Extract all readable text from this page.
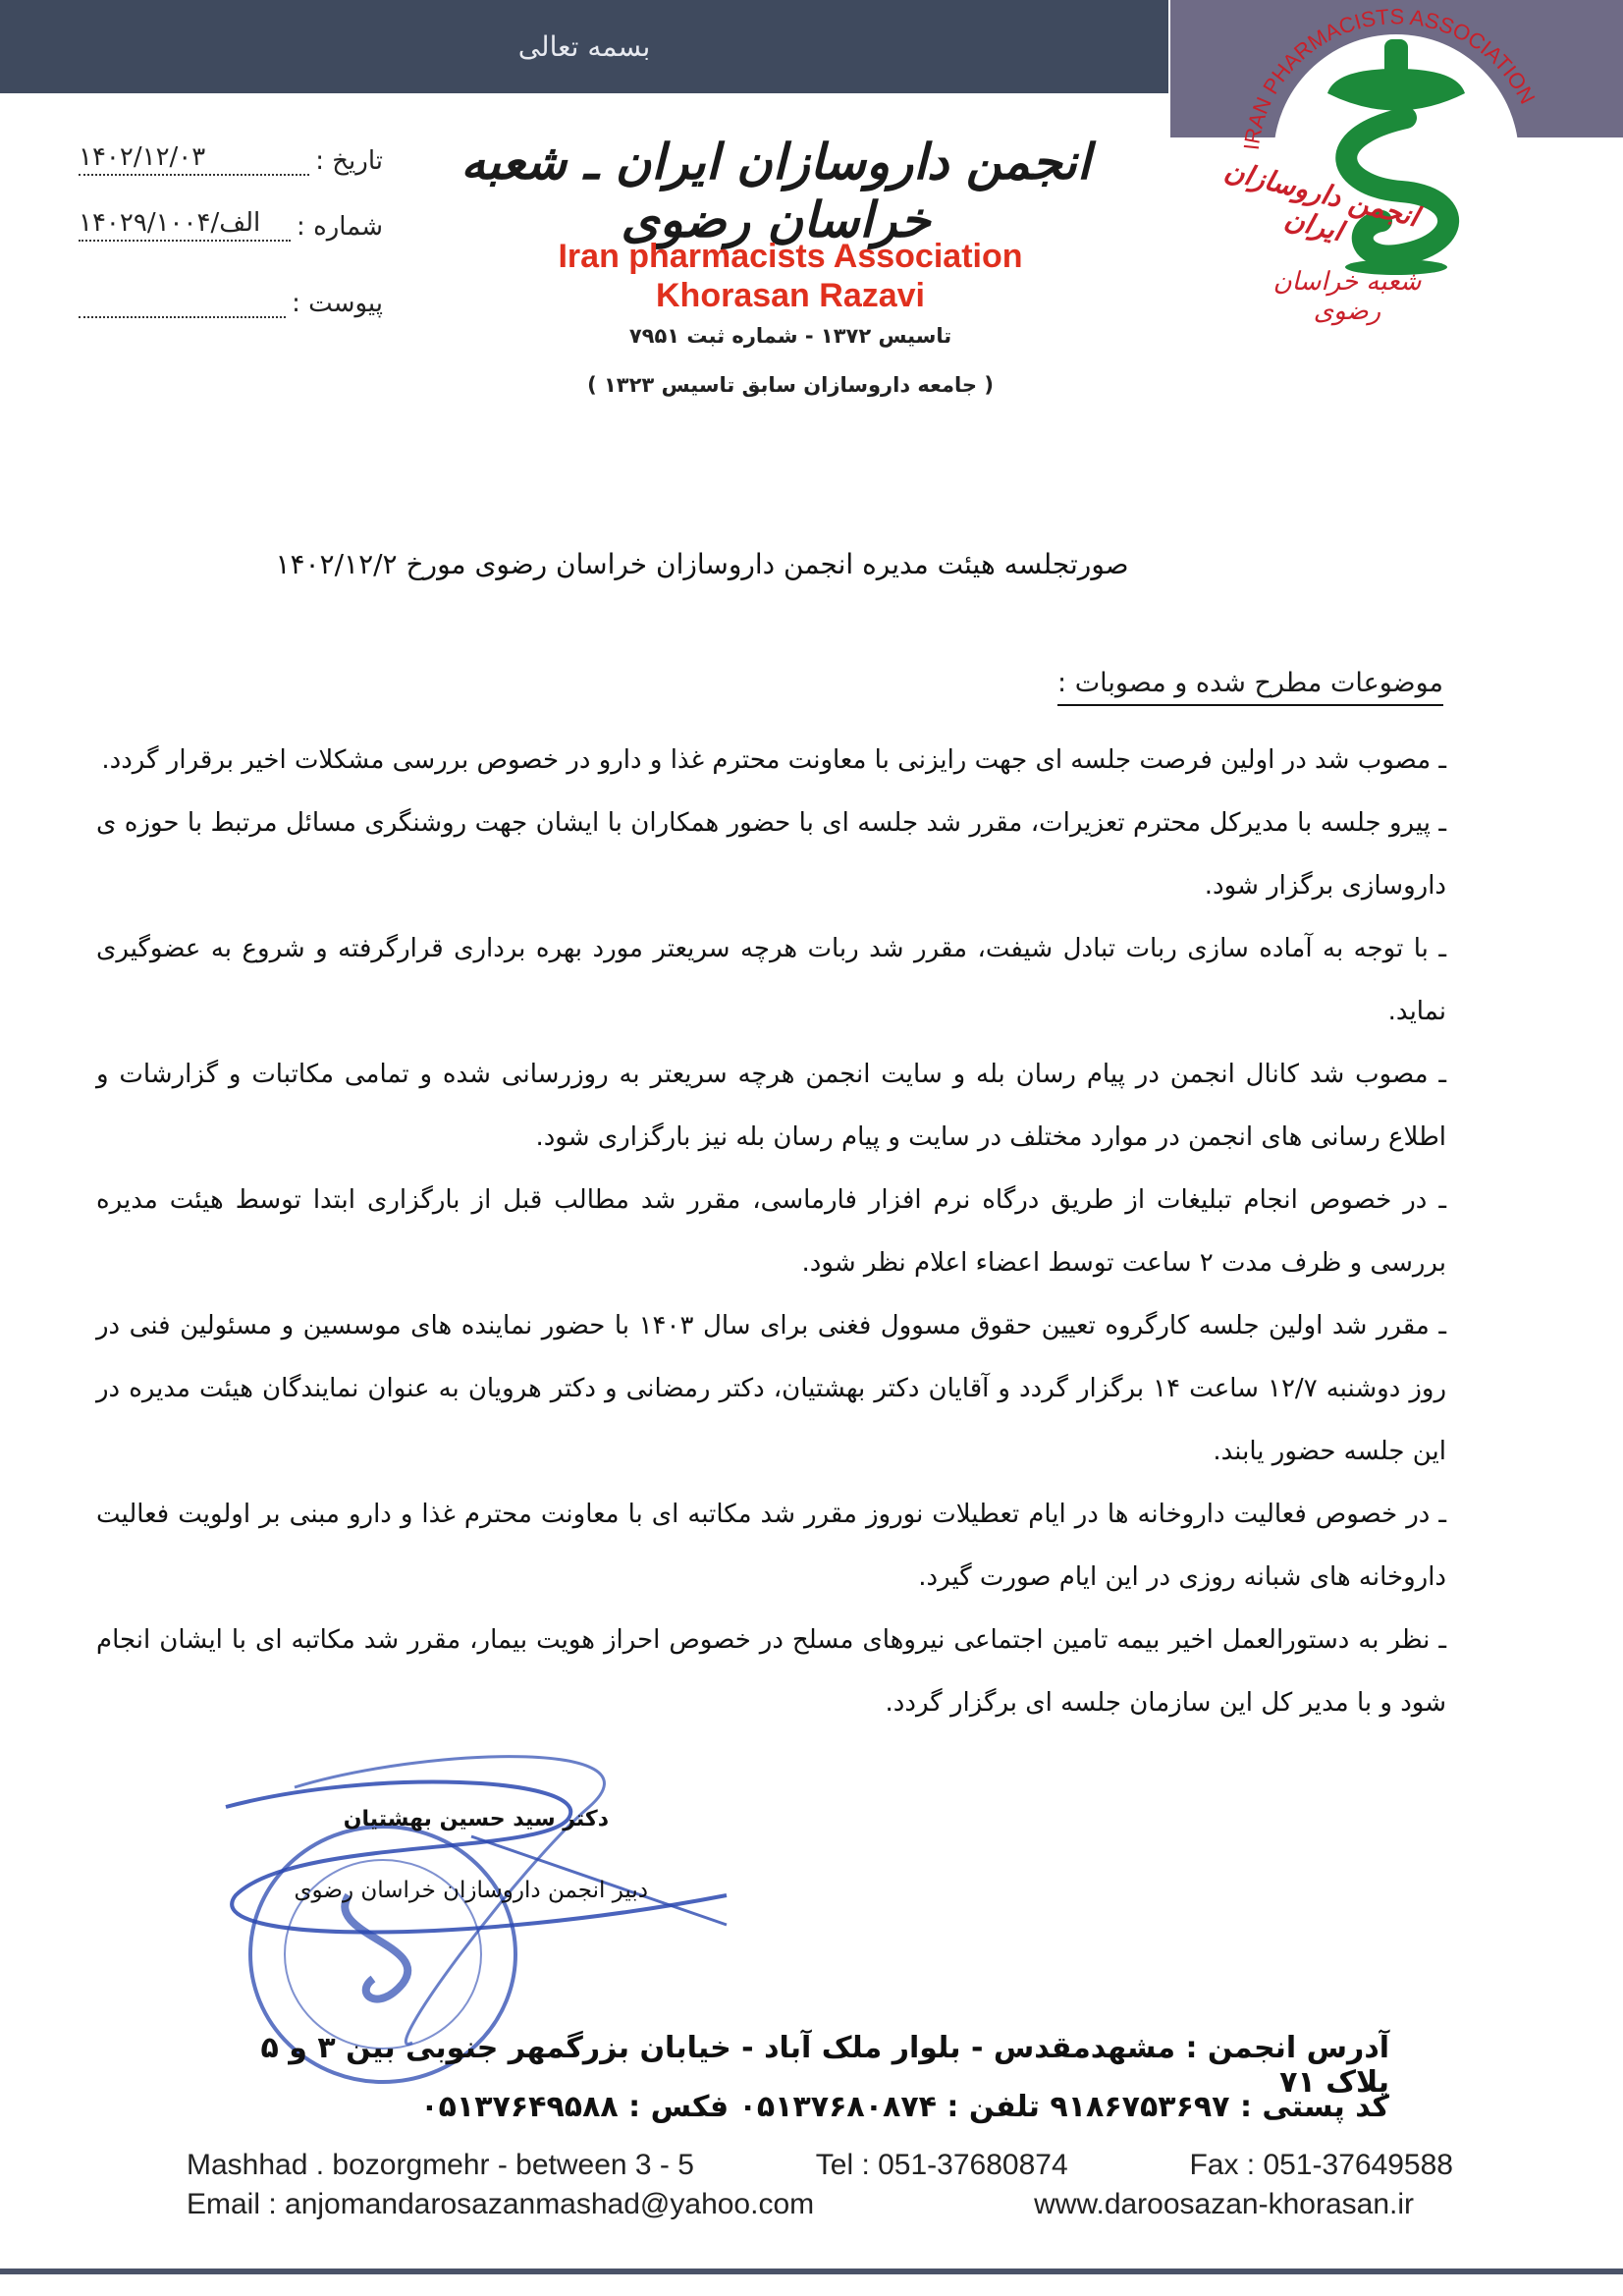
بسمه تعالی
IRAN PHARMACISTS ASSOCIATION
انجمن داروسازان ایران
شعبه خراسان رضوی
تاریخ :
۱۴۰۲/۱۲/۰۳
شماره :
۱۴۰۲الف/۹/۱۰۰۴
پیوست :
انجمن داروسازان ایران ـ شعبه خراسان رضوی
Iran pharmacists Association
Khorasan Razavi
تاسیس ۱۳۷۲ - شماره ثبت ۷۹۵۱
( جامعه داروسازان سابق تاسیس ۱۳۲۳ )
صورتجلسه هیئت مدیره انجمن داروسازان خراسان رضوی مورخ ۱۴۰۲/۱۲/۲
موضوعات مطرح شده و مصوبات :

ـ مصوب شد در اولین فرصت جلسه ای جهت رایزنی با معاونت محترم غذا و دارو در خصوص بررسی مشکلات اخیر برقرار گردد.

ـ پیرو جلسه با مدیرکل محترم تعزیرات، مقرر شد جلسه ای با حضور همکاران با ایشان جهت روشنگری مسائل مرتبط با حوزه ی داروسازی برگزار شود.

ـ با توجه به آماده سازی ربات تبادل شیفت، مقرر شد ربات هرچه سریعتر مورد بهره برداری قرارگرفته و شروع به عضوگیری نماید.

ـ مصوب شد کانال انجمن در پیام رسان بله و سایت انجمن هرچه سریعتر به روزرسانی شده و تمامی مکاتبات و گزارشات و اطلاع رسانی های انجمن در موارد مختلف در سایت و پیام رسان بله نیز بارگزاری شود.

ـ در خصوص انجام تبلیغات از طریق درگاه نرم افزار فارماسی، مقرر شد مطالب قبل از بارگزاری ابتدا توسط هیئت مدیره بررسی و ظرف مدت ۲ ساعت توسط اعضاء اعلام نظر شود.

ـ مقرر شد اولین جلسه کارگروه تعیین حقوق مسوول فغنی برای سال ۱۴۰۳ با حضور نماینده های موسسین و مسئولین فنی در روز دوشنبه ۱۲/۷ ساعت ۱۴ برگزار گردد و آقایان دکتر بهشتیان، دکتر رمضانی و دکتر هرویان به عنوان نمایندگان هیئت مدیره در این جلسه حضور یابند.

ـ در خصوص فعالیت داروخانه ها در ایام تعطیلات نوروز مقرر شد مکاتبه ای با معاونت محترم غذا و دارو مبنی بر اولویت فعالیت داروخانه های شبانه روزی در این ایام صورت گیرد.

ـ نظر به دستورالعمل اخیر بیمه تامین اجتماعی نیروهای مسلح در خصوص احراز هویت بیمار، مقرر شد مکاتبه ای با ایشان انجام شود و با مدیر کل این سازمان جلسه ای برگزار گردد.

دکتر سید حسین بهشتیان
دبیر انجمن داروسازان خراسان رضوی
آدرس انجمن : مشهدمقدس - بلوار ملک آباد - خیابان بزرگمهر جنوبی بین ۳ و ۵ پلاک ۷۱
کد پستی : ۹۱۸۶۷۵۳۶۹۷ تلفن : ۰۵۱۳۷۶۸۰۸۷۴ فکس : ۰۵۱۳۷۶۴۹۵۸۸
Mashhad . bozorgmehr - between 3 - 5	Tel : 051-37680874	Fax : 051-37649588
Email : anjomandarosazanmashad@yahoo.com	www.daroosazan-khorasan.ir
